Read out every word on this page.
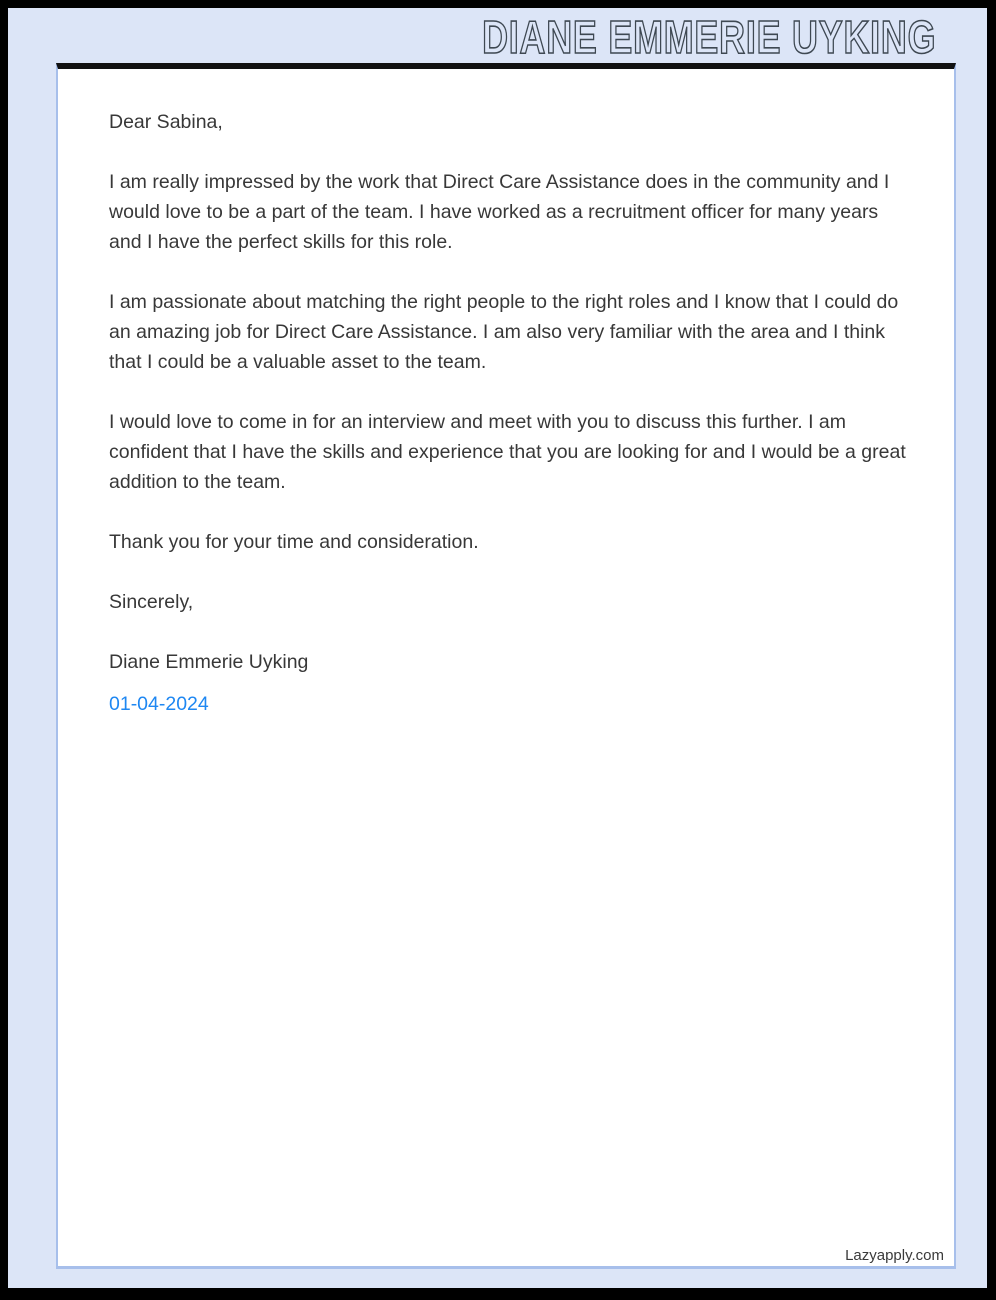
DIANE EMMERIE UYKING

Dear Sabina,

I am really impressed by the work that Direct Care Assistance does in the community and I would love to be a part of the team. I have worked as a recruitment officer for many years and I have the perfect skills for this role.

I am passionate about matching the right people to the right roles and I know that I could do an amazing job for Direct Care Assistance. I am also very familiar with the area and I think that I could be a valuable asset to the team.

I would love to come in for an interview and meet with you to discuss this further. I am confident that I have the skills and experience that you are looking for and I would be a great addition to the team.

Thank you for your time and consideration.

Sincerely,

Diane Emmerie Uyking

01-04-2024

Lazyapply.com
